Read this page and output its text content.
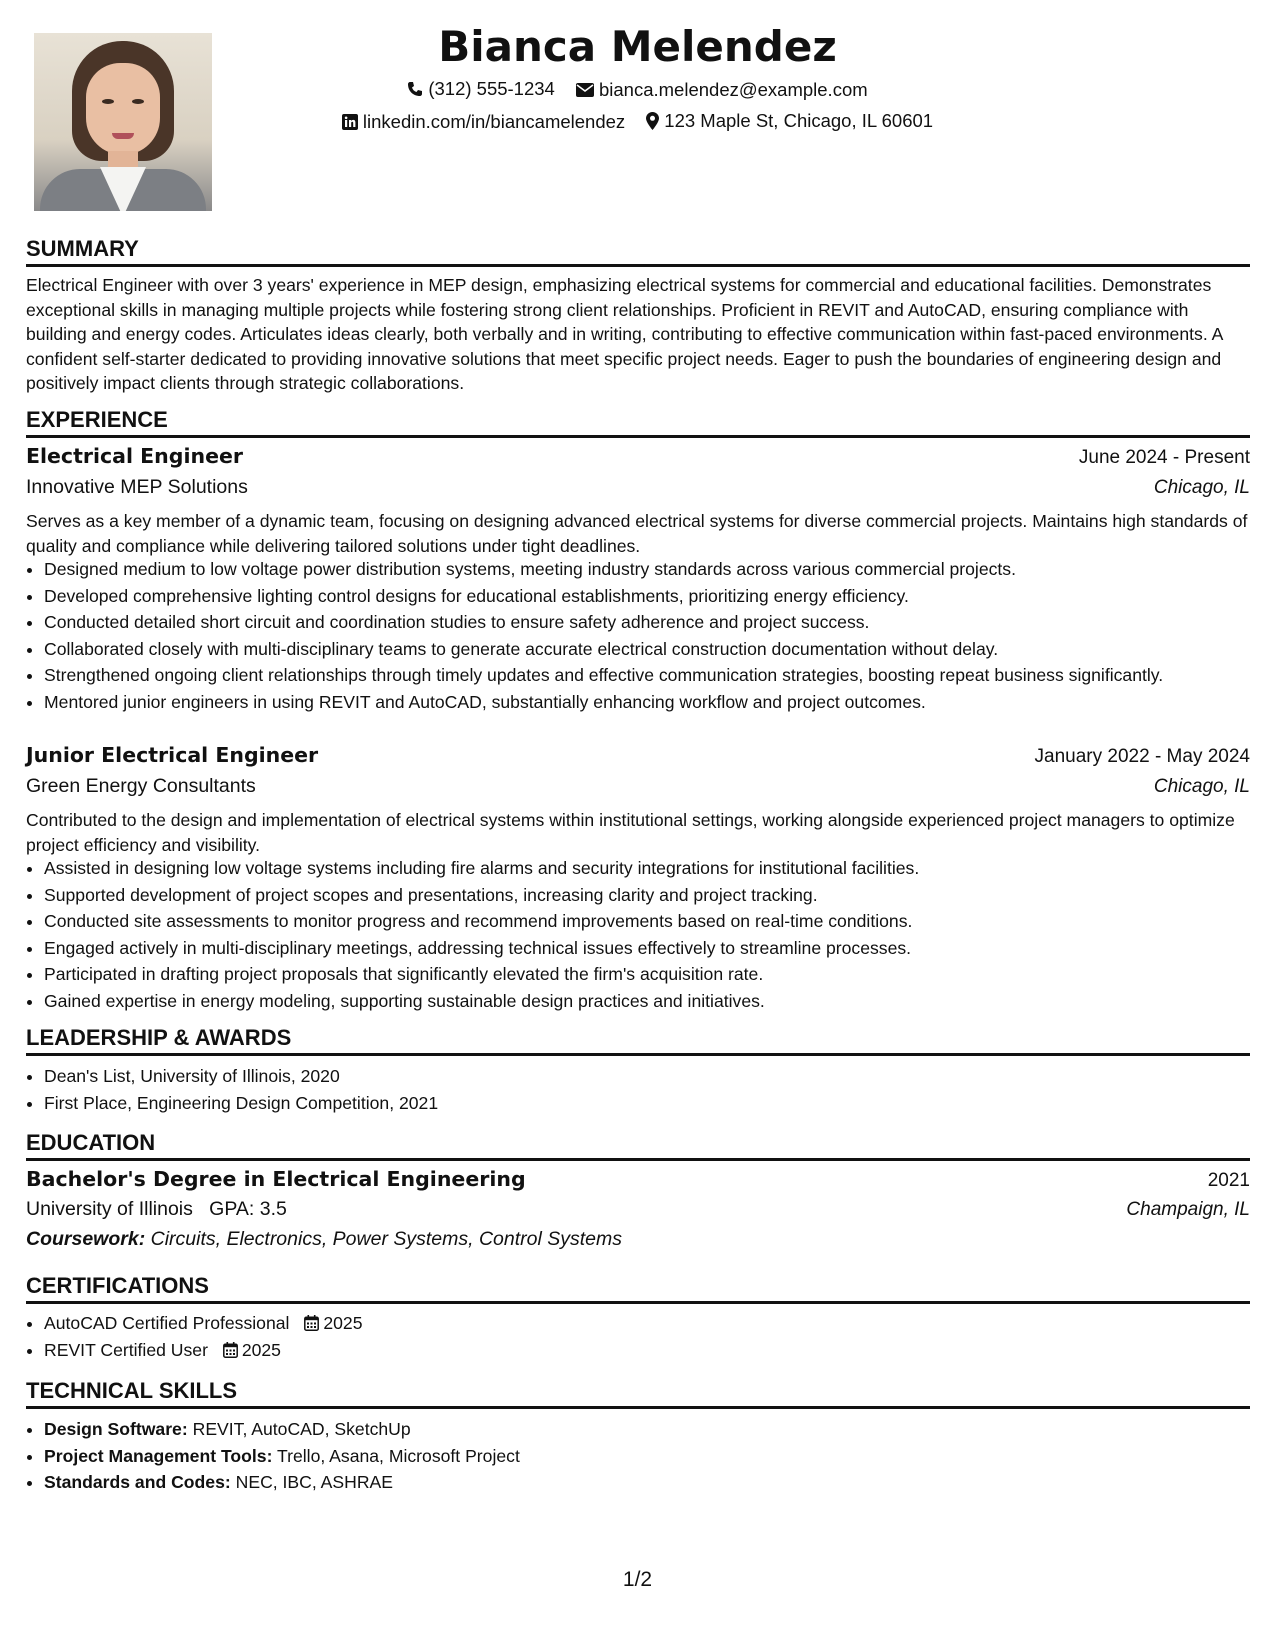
Bianca Melendez
(312) 555-1234
bianca.melendez@example.com
linkedin.com/in/biancamelendez
123 Maple St, Chicago, IL 60601
SUMMARY
Electrical Engineer with over 3 years' experience in MEP design, emphasizing electrical systems for commercial and educational facilities. Demonstrates exceptional skills in managing multiple projects while fostering strong client relationships. Proficient in REVIT and AutoCAD, ensuring compliance with building and energy codes. Articulates ideas clearly, both verbally and in writing, contributing to effective communication within fast-paced environments. A confident self-starter dedicated to providing innovative solutions that meet specific project needs. Eager to push the boundaries of engineering design and positively impact clients through strategic collaborations.
EXPERIENCE
Electrical Engineer	June 2024 - Present
Innovative MEP Solutions	Chicago, IL
Serves as a key member of a dynamic team, focusing on designing advanced electrical systems for diverse commercial projects. Maintains high standards of quality and compliance while delivering tailored solutions under tight deadlines.
• Designed medium to low voltage power distribution systems, meeting industry standards across various commercial projects.
• Developed comprehensive lighting control designs for educational establishments, prioritizing energy efficiency.
• Conducted detailed short circuit and coordination studies to ensure safety adherence and project success.
• Collaborated closely with multi-disciplinary teams to generate accurate electrical construction documentation without delay.
• Strengthened ongoing client relationships through timely updates and effective communication strategies, boosting repeat business significantly.
• Mentored junior engineers in using REVIT and AutoCAD, substantially enhancing workflow and project outcomes.
Junior Electrical Engineer	January 2022 - May 2024
Green Energy Consultants	Chicago, IL
Contributed to the design and implementation of electrical systems within institutional settings, working alongside experienced project managers to optimize project efficiency and visibility.
• Assisted in designing low voltage systems including fire alarms and security integrations for institutional facilities.
• Supported development of project scopes and presentations, increasing clarity and project tracking.
• Conducted site assessments to monitor progress and recommend improvements based on real-time conditions.
• Engaged actively in multi-disciplinary meetings, addressing technical issues effectively to streamline processes.
• Participated in drafting project proposals that significantly elevated the firm's acquisition rate.
• Gained expertise in energy modeling, supporting sustainable design practices and initiatives.
LEADERSHIP & AWARDS
• Dean's List, University of Illinois, 2020
• First Place, Engineering Design Competition, 2021
EDUCATION
Bachelor's Degree in Electrical Engineering	2021
University of Illinois GPA: 3.5	Champaign, IL
Coursework: Circuits, Electronics, Power Systems, Control Systems
CERTIFICATIONS
• AutoCAD Certified Professional 2025
• REVIT Certified User 2025
TECHNICAL SKILLS
• Design Software: REVIT, AutoCAD, SketchUp
• Project Management Tools: Trello, Asana, Microsoft Project
• Standards and Codes: NEC, IBC, ASHRAE
1/2
